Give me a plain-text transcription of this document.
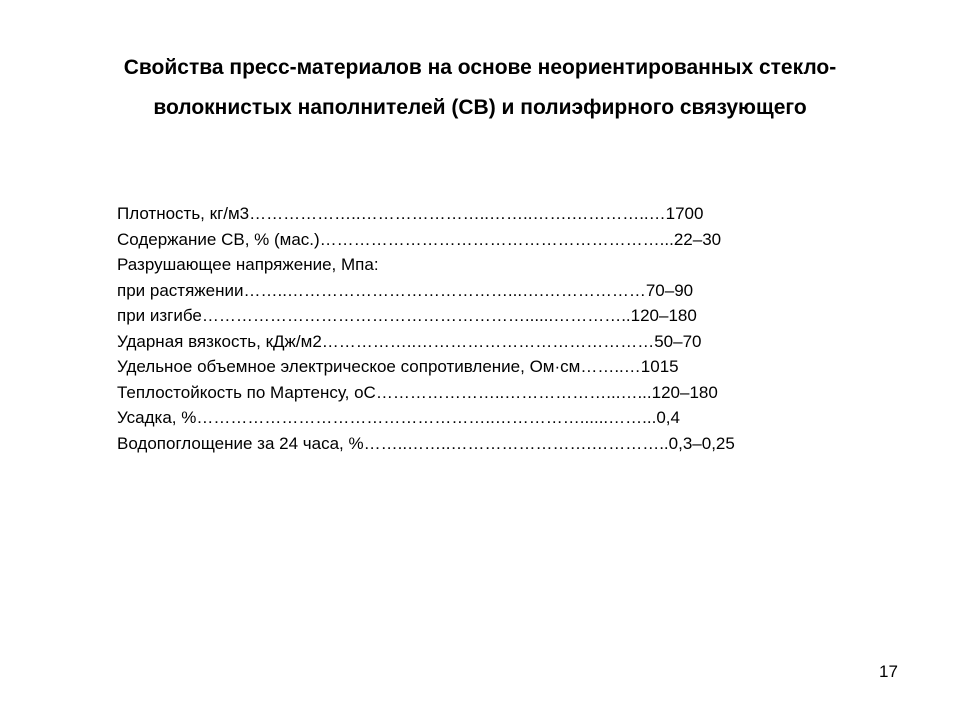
Свойства пресс-материалов на основе неориентированных стекло-
волокнистых наполнителей (СВ) и полиэфирного связующего
Плотность, кг/м3………………..…………………..……..…….…………..…1700
Содержание СВ, % (мас.)……………………………………………………...22–30
Разрушающее напряжение, Мпа:
при растяжении……..…………………………………...….………………70–90
при изгибе…………………………………………………......…………..120–180
Ударная вязкость, кДж/м2……………..……………………………………50–70
Удельное объемное электрическое сопротивление, Ом·см……..…1015
Теплостойкость по Мартенсу, оС…………………..………………...…...120–180
Усадка, %……………………………………………..……………......……...0,4
Водопоглощение за 24 часа, %……..……..…………………….…………..0,3–0,25
17
